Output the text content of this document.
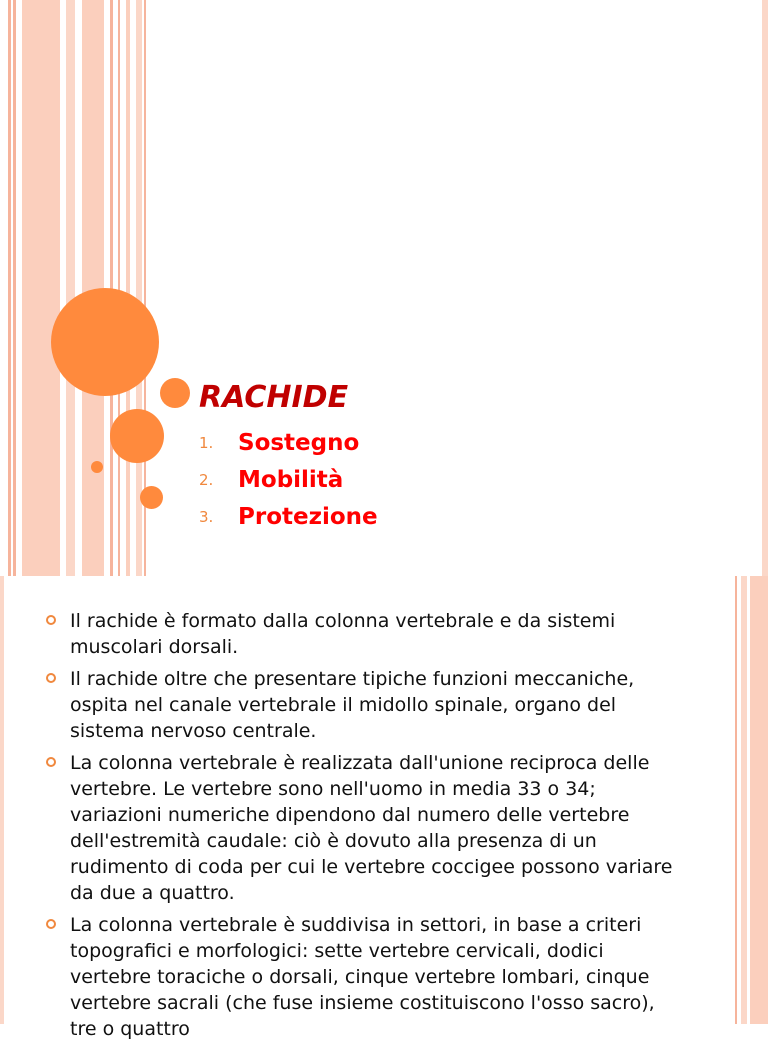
RACHIDE
1.	Sostegno
2.	Mobilità
3.	Protezione
Il rachide è formato dalla colonna vertebrale e da sistemi muscolari dorsali.
Il rachide oltre che presentare tipiche funzioni meccaniche, ospita nel canale vertebrale il midollo spinale, organo del sistema nervoso centrale.
La colonna vertebrale è realizzata dall'unione reciproca delle vertebre. Le vertebre sono nell'uomo in media 33 o 34; variazioni numeriche dipendono dal numero delle vertebre dell'estremità caudale: ciò è dovuto alla presenza di un rudimento di coda per cui le vertebre coccigee possono variare da due a quattro.
La colonna vertebrale è suddivisa in settori, in base a criteri topografici e morfologici: sette vertebre cervicali, dodici vertebre toraciche o dorsali, cinque vertebre lombari, cinque vertebre sacrali (che fuse insieme costituiscono l'osso sacro), tre o quattro
